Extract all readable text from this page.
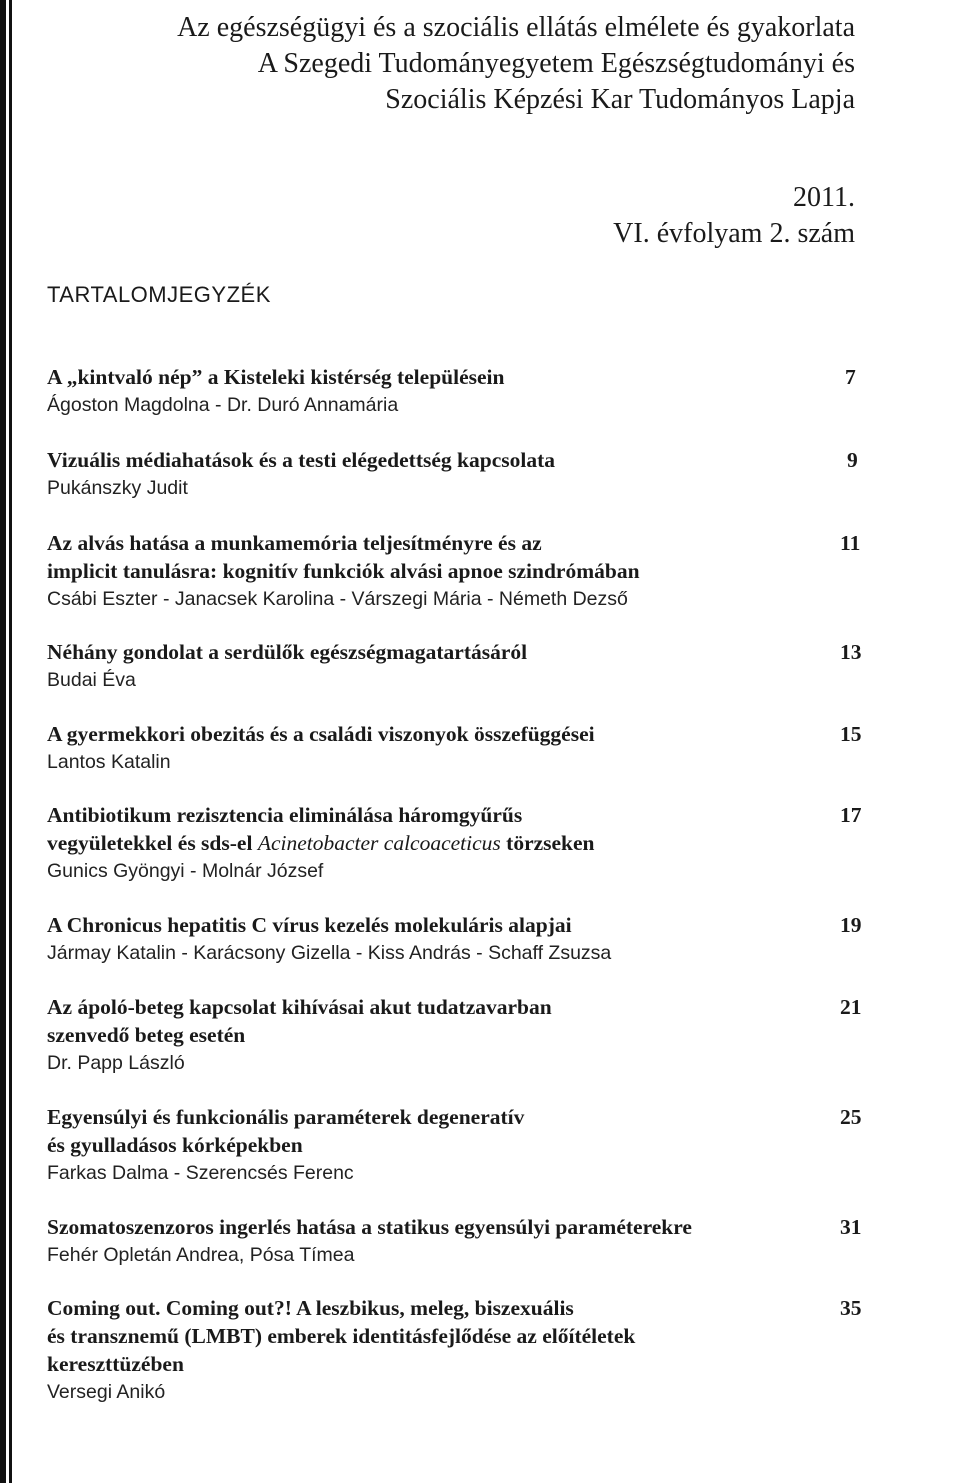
Az egészségügyi és a szociális ellátás elmélete és gyakorlata
A Szegedi Tudományegyetem Egészségtudományi és
Szociális Képzési Kar Tudományos Lapja
2011.
VI. évfolyam 2. szám
TARTALOMJEGYZÉK
A „kintvaló nép” a Kisteleki kistérség településein
Ágoston Magdolna - Dr. Duró Annamária
7
Vizuális médiahatások és a testi elégedettség kapcsolata
Pukánszky Judit
9
Az alvás hatása a munkamemória teljesítményre és az
implicit tanulásra: kognitív funkciók alvási apnoe szindrómában
Csábi Eszter - Janacsek Karolina - Várszegi Mária - Németh Dezső
11
Néhány gondolat a serdülők egészségmagatartásáról
Budai Éva
13
A gyermekkori obezitás és a családi viszonyok összefüggései
Lantos Katalin
15
Antibiotikum rezisztencia eliminálása háromgyűrűs
vegyületekkel és sds-el Acinetobacter calcoaceticus törzseken
Gunics Gyöngyi - Molnár József
17
A Chronicus hepatitis C vírus kezelés molekuláris alapjai
Jármay Katalin - Karácsony Gizella - Kiss András - Schaff Zsuzsa
19
Az ápoló-beteg kapcsolat kihívásai akut tudatzavarban
szenvedő beteg esetén
Dr. Papp László
21
Egyensúlyi és funkcionális paraméterek degeneratív
és gyulladásos kórképekben
Farkas Dalma - Szerencsés Ferenc
25
Szomatoszenzoros ingerlés hatása a statikus egyensúlyi paraméterekre
Fehér Opletán Andrea, Pósa Tímea
31
Coming out. Coming out?! A leszbikus, meleg, biszexuális
és transznemű (LMBT) emberek identitásfejlődése az előítéletek
kereszttüzében
Versegi Anikó
35
